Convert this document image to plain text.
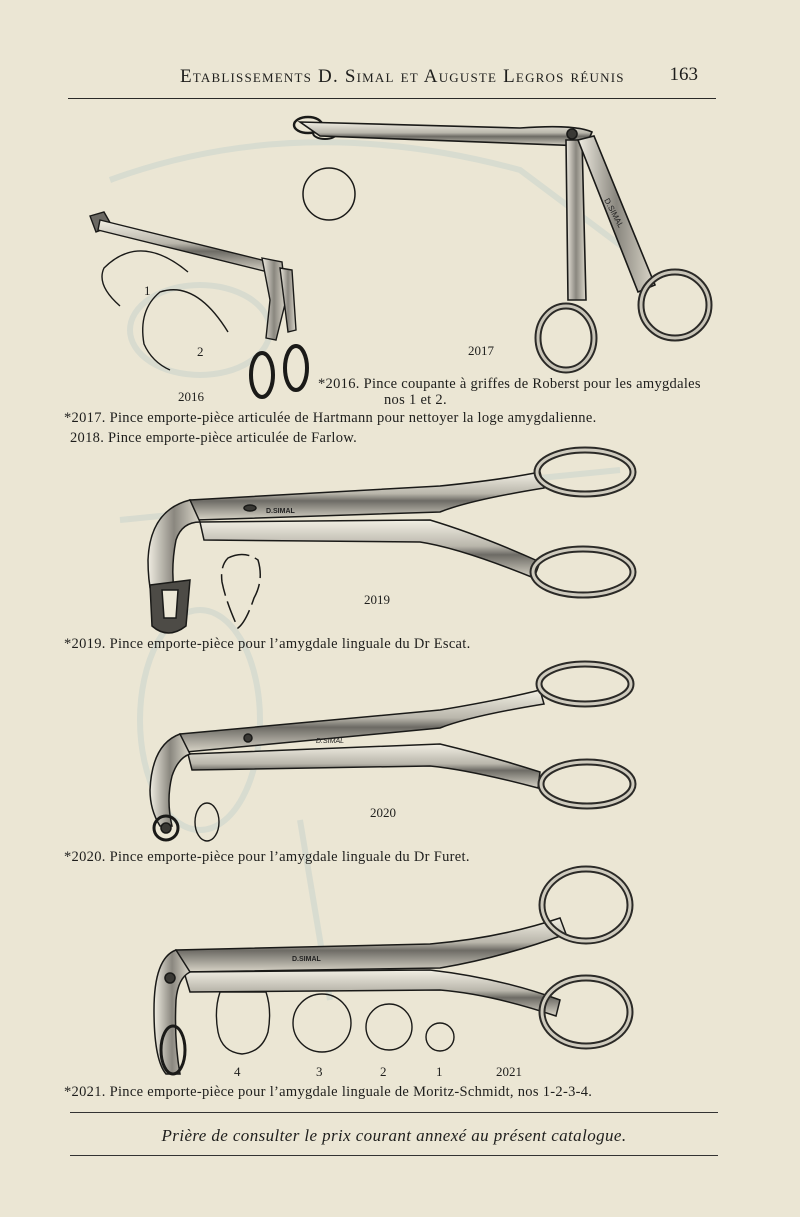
Etablissements D. Simal et Auguste Legros réunis 163
D.SIMAL
D.SIMAL
D.SIMAL
D.SIMAL
1
2
2016
2017
2019
2020
4	3	2	1	2021
*2016. Pince coupante à griffes de Roberst pour les amygdales
nos 1 et 2.
*2017. Pince emporte-pièce articulée de Hartmann pour nettoyer la loge amygdalienne.
2018. Pince emporte-pièce articulée de Farlow.
*2019. Pince emporte-pièce pour l’amygdale linguale du Dr Escat.
*2020. Pince emporte-pièce pour l’amygdale linguale du Dr Furet.
*2021. Pince emporte-pièce pour l’amygdale linguale de Moritz-Schmidt, nos 1-2-3-4.
Prière de consulter le prix courant annexé au présent catalogue.
